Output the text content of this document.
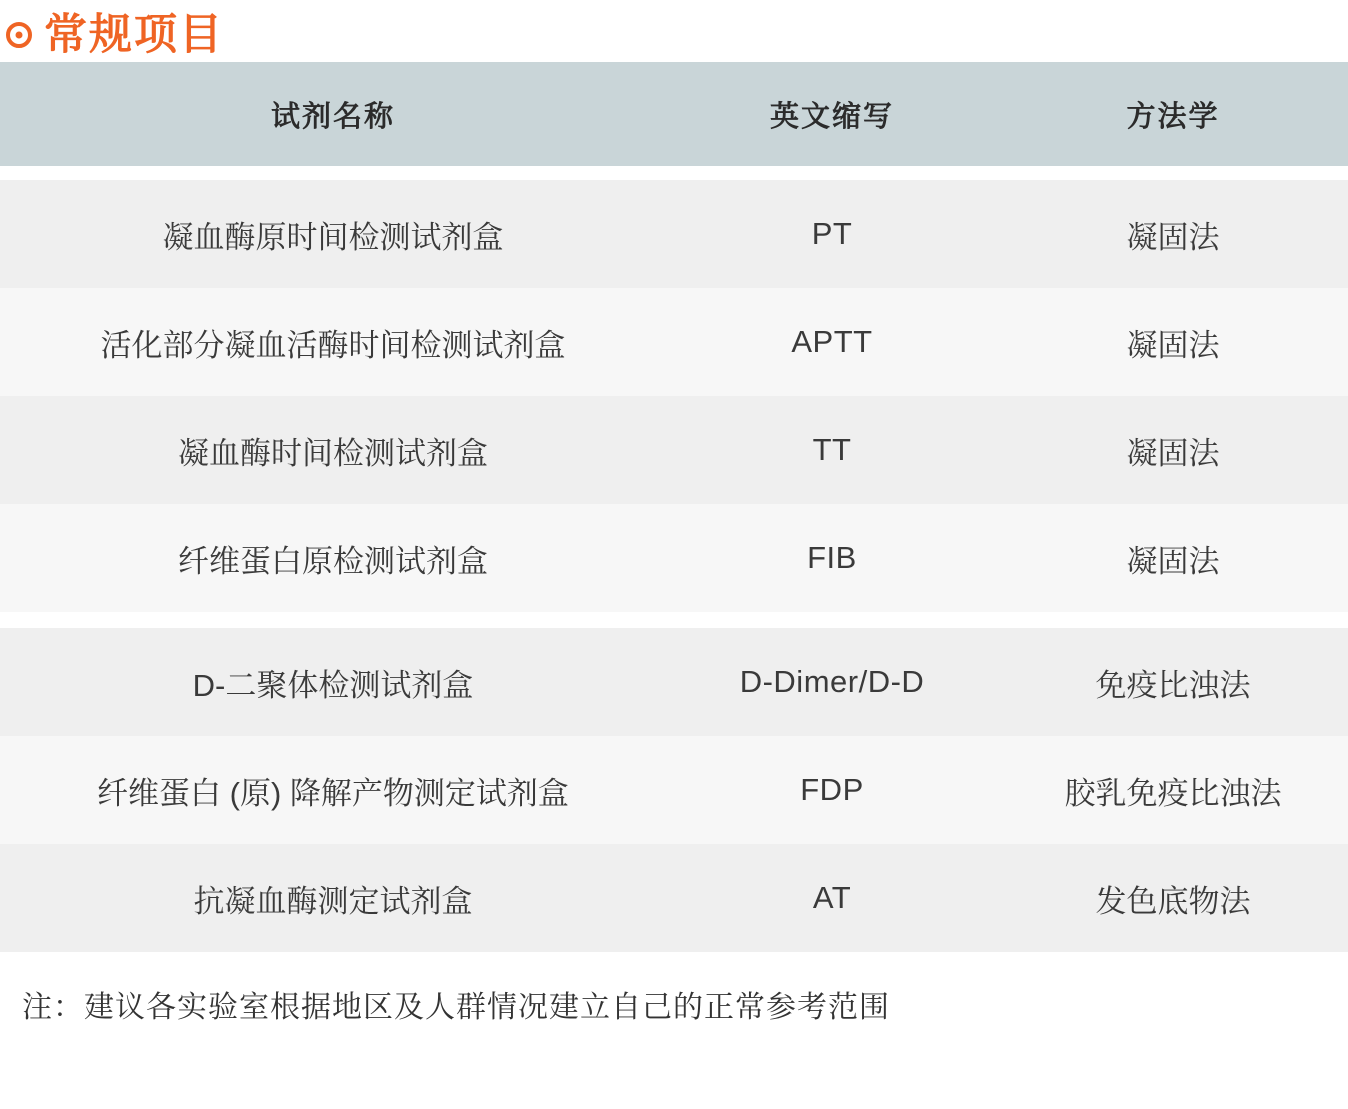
常规项目
试剂名称	英文缩写	方法学
凝血酶原时间检测试剂盒	PT	凝固法
活化部分凝血活酶时间检测试剂盒	APTT	凝固法
凝血酶时间检测试剂盒	TT	凝固法
纤维蛋白原检测试剂盒	FIB	凝固法
D-二聚体检测试剂盒	D-Dimer/D-D	免疫比浊法
纤维蛋白 (原) 降解产物测定试剂盒	FDP	胶乳免疫比浊法
抗凝血酶测定试剂盒	AT	发色底物法
注：建议各实验室根据地区及人群情况建立自己的正常参考范围
